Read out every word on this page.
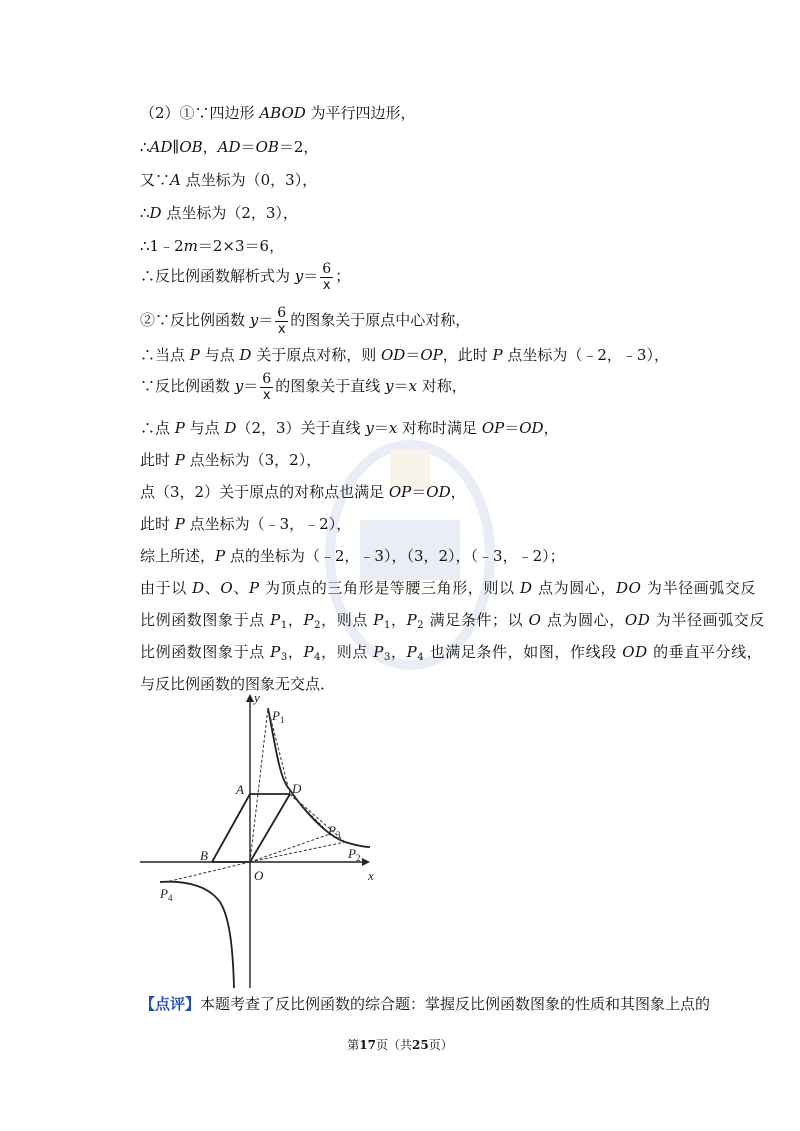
（2）①∵四边形 ABOD 为平行四边形，
∴AD∥OB，AD＝OB＝2，
又∵A 点坐标为（0，3），
∴D 点坐标为（2，3），
∴1﹣2m＝2×3＝6，
∴反比例函数解析式为 $y= \frac{6}{x}$ ；
②∵反比例函数 $y= \frac{6}{x}$ 的图象关于原点中心对称，
∴当点 P 与点 D 关于原点对称，则 OD＝OP，此时 P 点坐标为（﹣2，﹣3），
∵反比例函数 $y= \frac{6}{x}$ 的图象关于直线 y＝x 对称，
∴点 P 与点 D（2，3）关于直线 y＝x 对称时满足 OP＝OD，
此时 P 点坐标为（3，2），
点（3，2）关于原点的对称点也满足 OP＝OD，
此时 P 点坐标为（﹣3，﹣2），
综上所述，P 点的坐标为（﹣2，﹣3），（3，2），（﹣3，﹣2）；
由于以 D、O、P 为顶点的三角形是等腰三角形，则以 D 点为圆心，DO 为半径画弧交反
比例函数图象于点 $P_1$，$P_2$，则点 $P_1$，$P_2$ 满足条件；以 O 点为圆心，OD 为半径画弧交反
比例函数图象于点 $P_3$，$P_4$，则点 $P_3$，$P_4$ 也满足条件，如图，作线段 OD 的垂直平分线，
与反比例函数的图象无交点．
y
x
O
A
B
D
$P_1$
$P_2$
$P_3$
$P_4$
【点评】本题考查了反比例函数的综合题：掌握反比例函数图象的性质和其图象上点的
第17页（共25页）
